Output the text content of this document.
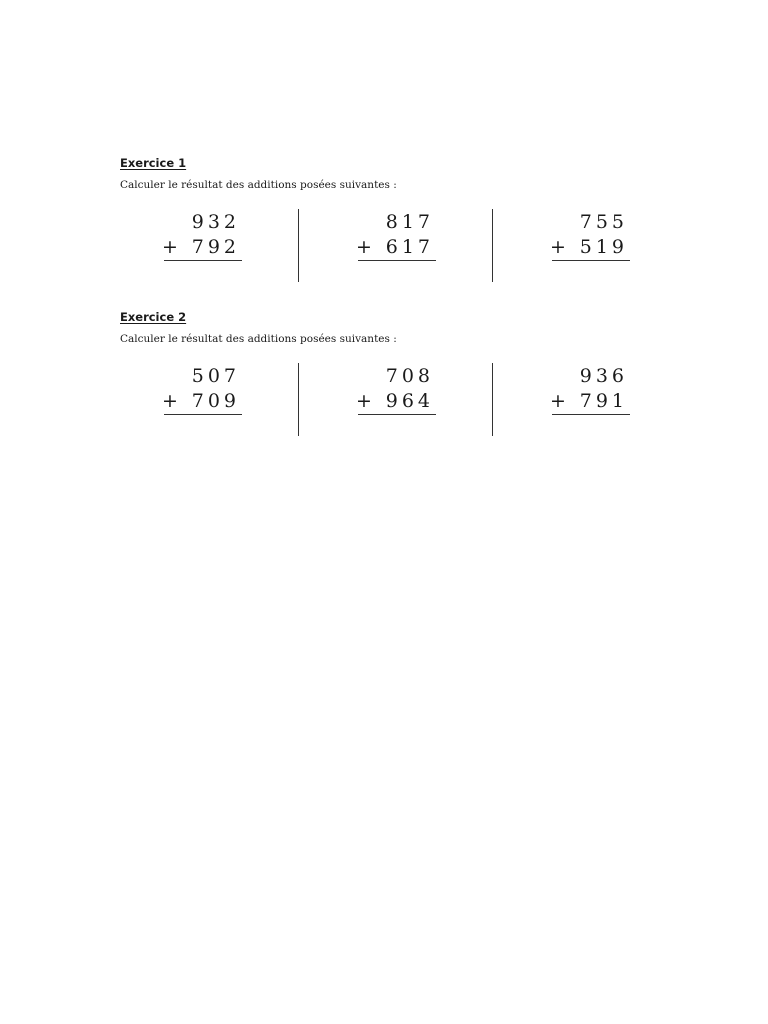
Exercice 1
Calculer le résultat des additions posées suivantes :
932
+ 792
817
+ 617
755
+ 519
Exercice 2
Calculer le résultat des additions posées suivantes :
507
+ 709
708
+ 964
936
+ 791
